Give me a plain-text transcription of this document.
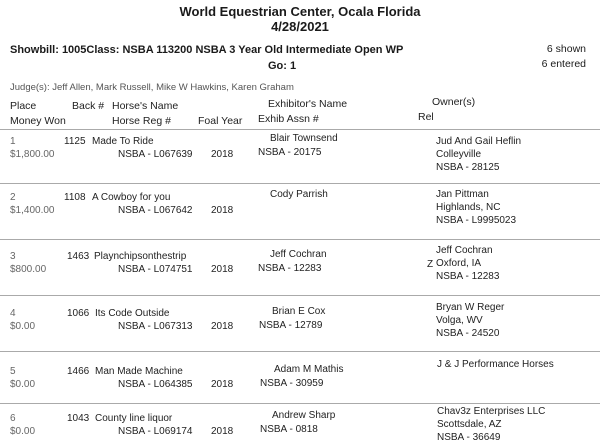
World Equestrian Center, Ocala Florida
4/28/2021
Showbill: 1005Class: NSBA 113200 NSBA 3 Year Old Intermediate Open WP
Go: 1
6 shown
6 entered
Judge(s): Jeff Allen, Mark Russell, Mike W Hawkins, Karen Graham
Place
Money Won
Back # Horse's Name
Horse Reg #	Foal Year
Exhibitor's Name
Exhib Assn #	Rel
Owner(s)
1
$1,800.00
1125 Made To Ride
NSBA - L067639 2018
Blair Townsend
NSBA - 20175
Jud And Gail Heflin
Colleyville
NSBA - 28125
2
$1,400.00
1108 A Cowboy for you
NSBA - L067642 2018
Cody Parrish	Jan Pittman
Highlands, NC
NSBA - L9995023
3
$800.00
1463 Playnchipsonthestrip
NSBA - L074751 2018
Jeff Cochran
NSBA - 12283	Z
Jeff Cochran
Oxford, IA
NSBA - 12283
4
$0.00
1066 Its Code Outside
NSBA - L067313 2018
Brian E Cox
NSBA - 12789
Bryan W Reger
Volga, WV
NSBA - 24520
5
$0.00
1466 Man Made Machine
NSBA - L064385 2018
Adam M Mathis
NSBA - 30959
J & J Performance Horses
6
$0.00
1043 County line liquor
NSBA - L069174 2018
Andrew Sharp
NSBA - 0818
Chav3z Enterprises LLC
Scottsdale, AZ
NSBA - 36649
